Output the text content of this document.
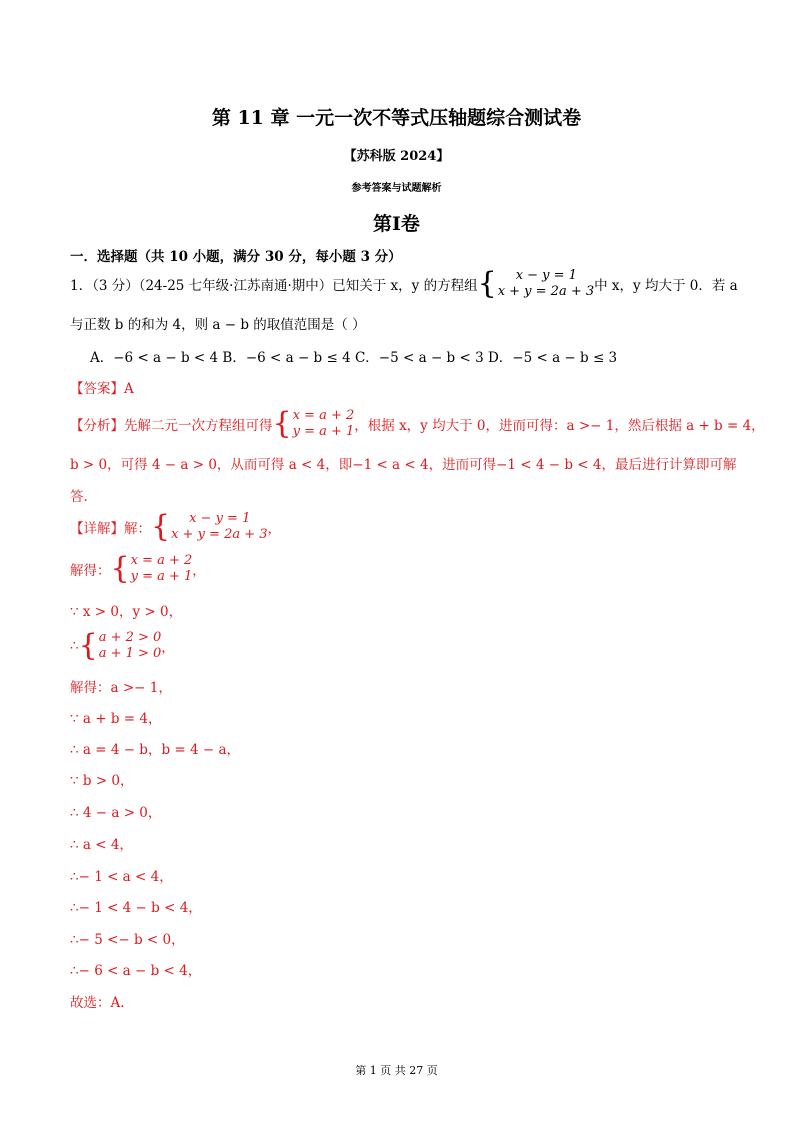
第 11 章 一元一次不等式压轴题综合测试卷
【苏科版 2024】
参考答案与试题解析
第Ⅰ卷
一．选择题（共 10 小题，满分 30 分，每小题 3 分）
1．（3 分）（24-25 七年级·江苏南通·期中）已知关于 x，y 的方程组 {	x − y = 1
x + y = 2a + 3 中 x，y 均大于 0．若 a
与正数 b 的和为 4，则 a − b 的取值范围是（ ）
A．−6 < a − b < 4 B．−6 < a − b ≤ 4 C．−5 < a − b < 3 D．−5 < a − b ≤ 3
【答案】A
【分析】先解二元一次方程组可得 { x = a + 2
y = a + 1 ，根据 x，y 均大于 0，进而可得：a >− 1，然后根据 a + b = 4，
b > 0，可得 4 − a > 0，从而可得 a < 4，即−1 < a < 4，进而可得−1 < 4 − b < 4，最后进行计算即可解
答.
【详解】解： {	x − y = 1
x + y = 2a + 3 ，
解得： { x = a + 2
y = a + 1 ，
∵ x > 0，y > 0，
∴ { a + 2 > 0
a + 1 > 0 ，
解得：a >− 1，
∵ a + b = 4，
∴ a = 4 − b，b = 4 − a，
∵ b > 0，
∴ 4 − a > 0，
∴ a < 4，
∴− 1 < a < 4，
∴− 1 < 4 − b < 4，
∴− 5 <− b < 0，
∴− 6 < a − b < 4，
故选：A.
第 1 页 共 27 页
